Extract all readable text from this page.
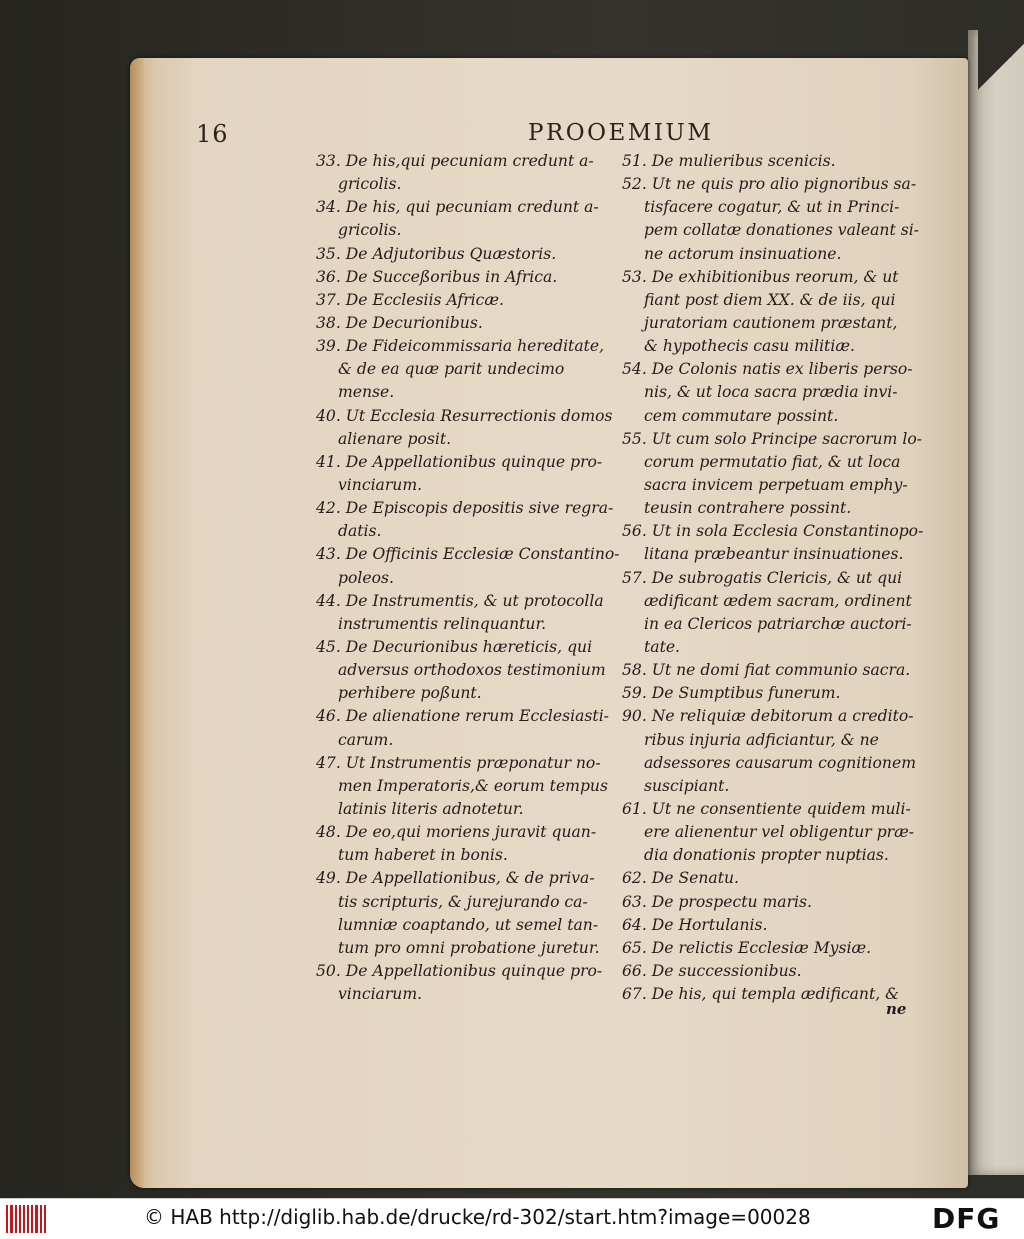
16	PROOEMIUM
33. De his,qui pecuniam credunt a-
gricolis.
34. De his, qui pecuniam credunt a-
gricolis.
35. De Adjutoribus Quæstoris.
36. De Succeßoribus in Africa.
37. De Ecclesiis Africæ.
38. De Decurionibus.
39. De Fideicommissaria hereditate,
& de ea quæ parit undecimo
mense.
40. Ut Ecclesia Resurrectionis domos
alienare posit.
41. De Appellationibus quinque pro-
vinciarum.
42. De Episcopis depositis sive regra-
datis.
43. De Officinis Ecclesiæ Constantino-
poleos.
44. De Instrumentis, & ut protocolla
instrumentis relinquantur.
45. De Decurionibus hæreticis, qui
adversus orthodoxos testimonium
perhibere poßunt.
46. De alienatione rerum Ecclesiasti-
carum.
47. Ut Instrumentis præponatur no-
men Imperatoris,& eorum tempus
latinis literis adnotetur.
48. De eo,qui moriens juravit quan-
tum haberet in bonis.
49. De Appellationibus, & de priva-
tis scripturis, & jurejurando ca-
lumniæ coaptando, ut semel tan-
tum pro omni probatione juretur.
50. De Appellationibus quinque pro-
vinciarum.
51. De mulieribus scenicis.
52. Ut ne quis pro alio pignoribus sa-
tisfacere cogatur, & ut in Princi-
pem collatæ donationes valeant si-
ne actorum insinuatione.
53. De exhibitionibus reorum, & ut
fiant post diem XX. & de iis, qui
juratoriam cautionem præstant,
& hypothecis casu militiæ.
54. De Colonis natis ex liberis perso-
nis, & ut loca sacra prædia invi-
cem commutare possint.
55. Ut cum solo Principe sacrorum lo-
corum permutatio fiat, & ut loca
sacra invicem perpetuam emphy-
teusin contrahere possint.
56. Ut in sola Ecclesia Constantinopo-
litana præbeantur insinuationes.
57. De subrogatis Clericis, & ut qui
ædificant ædem sacram, ordinent
in ea Clericos patriarchæ auctori-
tate.
58. Ut ne domi fiat communio sacra.
59. De Sumptibus funerum.
90. Ne reliquiæ debitorum a credito-
ribus injuria adficiantur, & ne
adsessores causarum cognitionem
suscipiant.
61. Ut ne consentiente quidem muli-
ere alienentur vel obligentur præ-
dia donationis propter nuptias.
62. De Senatu.
63. De prospectu maris.
64. De Hortulanis.
65. De relictis Ecclesiæ Mysiæ.
66. De successionibus.
67. De his, qui templa ædificant, &
ne
© HAB http://diglib.hab.de/drucke/rd-302/start.htm?image=00028	DFG
